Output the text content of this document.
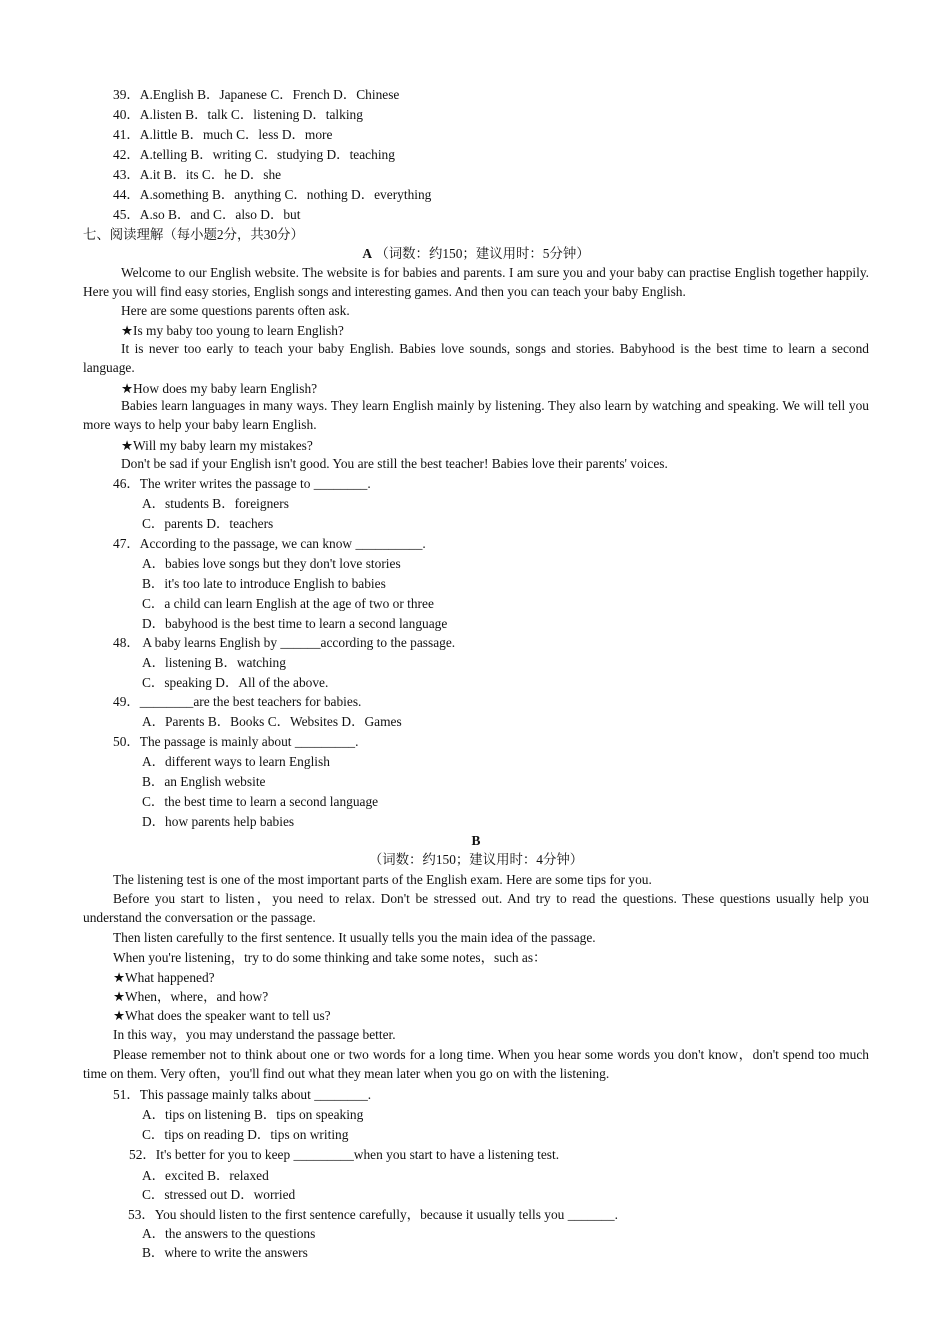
39．A.English B．Japanese C．French D．Chinese
40．A.listen B．talk C．listening D．talking
41．A.little B．much C．less D．more
42．A.telling B．writing C．studying D．teaching
43．A.it B．its C．he D．she
44．A.something B．anything C．nothing D．everything
45．A.so B．and C．also D．but
七、阅读理解（每小题2分，共30分）
A （词数：约150；建议用时：5分钟）
Welcome to our English website. The website is for babies and parents. I am sure you and your baby can practise English together happily. Here you will find easy stories, English songs and interesting games. And then you can teach your baby English.
Here are some questions parents often ask.
★Is my baby too young to learn English?
It is never too early to teach your baby English. Babies love sounds, songs and stories. Babyhood is the best time to learn a second language.
★How does my baby learn English?
Babies learn languages in many ways. They learn English mainly by listening. They also learn by watching and speaking. We will tell you more ways to help your baby learn English.
★Will my baby learn my mistakes?
Don't be sad if your English isn't good. You are still the best teacher! Babies love their parents' voices.
46．The writer writes the passage to ________.
A．students B．foreigners
C．parents D．teachers
47．According to the passage, we can know __________.
A．babies love songs but they don't love stories
B．it's too late to introduce English to babies
C．a child can learn English at the age of two or three
D．babyhood is the best time to learn a second language
48． A baby learns English by ______according to the passage.
A．listening B．watching
C．speaking D．All of the above.
49．________are the best teachers for babies.
A．Parents B．Books C．Websites D．Games
50．The passage is mainly about _________.
A．different ways to learn English
B．an English website
C．the best time to learn a second language
D．how parents help babies
B
（词数：约150；建议用时：4分钟）
The listening test is one of the most important parts of the English exam. Here are some tips for you.
Before you start to listen，you need to relax. Don't be stressed out. And try to read the questions. These questions usually help you understand the conversation or the passage.
Then listen carefully to the first sentence. It usually tells you the main idea of the passage.
When you're listening，try to do some thinking and take some notes，such as：
★What happened?
★When，where，and how?
★What does the speaker want to tell us?
In this way，you may understand the passage better.
Please remember not to think about one or two words for a long time. When you hear some words you don't know，don't spend too much time on them. Very often，you'll find out what they mean later when you go on with the listening.
51．This passage mainly talks about ________.
A．tips on listening B．tips on speaking
C．tips on reading D．tips on writing
52．It's better for you to keep _________when you start to have a listening test.
A．excited B．relaxed
C．stressed out D．worried
53．You should listen to the first sentence carefully，because it usually tells you _______.
A．the answers to the questions
B．where to write the answers
